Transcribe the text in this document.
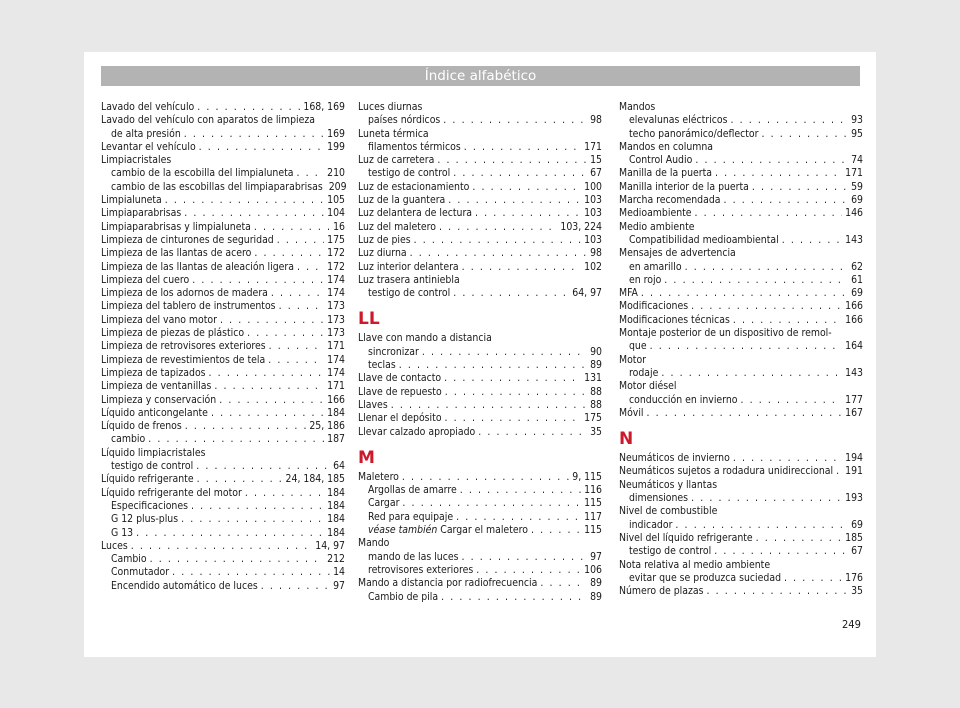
Índice alfabético
Lavado del vehículo . . .	168, 169
Lavado del vehículo con aparatos de limpieza
de alta presión . . .	169
Levantar el vehículo . . .	199
Limpiacristales
cambio de la escobilla del limpialuneta . . .	210
cambio de las escobillas del limpiaparabrisas 209
Limpialuneta . . .	105
Limpiaparabrisas . . .	104
Limpiaparabrisas y limpialuneta . . .	16
Limpieza de cinturones de seguridad . . .	175
Limpieza de las llantas de acero . . .	172
Limpieza de las llantas de aleación ligera . . .	172
Limpieza del cuero . . .	174
Limpieza de los adornos de madera . . .	174
Limpieza del tablero de instrumentos . . .	173
Limpieza del vano motor . . .	173
Limpieza de piezas de plástico . . .	173
Limpieza de retrovisores exteriores . . .	171
Limpieza de revestimientos de tela . . .	174
Limpieza de tapizados . . .	174
Limpieza de ventanillas . . .	171
Limpieza y conservación . . .	166
Líquido anticongelante . . .	184
Líquido de frenos . . .	25, 186
cambio . . .	187
Líquido limpiacristales
testigo de control . . .	64
Líquido refrigerante . . .	24, 184, 185
Líquido refrigerante del motor . . .	184
Especificaciones . . .	184
G 12 plus-plus . . .	184
G 13 . . .	184
Luces . . .	14, 97
Cambio . . .	212
Conmutador . . .	14
Encendido automático de luces . . .	97
Luces diurnas
países nórdicos . . .	98
Luneta térmica
filamentos térmicos . . .	171
Luz de carretera . . .	15
testigo de control . . .	67
Luz de estacionamiento . . .	100
Luz de la guantera . . .	103
Luz delantera de lectura . . .	103
Luz del maletero . . .	103, 224
Luz de pies . . .	103
Luz diurna . . .	98
Luz interior delantera . . .	102
Luz trasera antiniebla
testigo de control . . .	64, 97
LL
Llave con mando a distancia
sincronizar . . .	90
teclas . . .	89
Llave de contacto . . .	131
Llave de repuesto . . .	88
Llaves . . .	88
Llenar el depósito . . .	175
Llevar calzado apropiado . . .	35
M
Maletero . . .	9, 115
Argollas de amarre . . .	116
Cargar . . .	115
Red para equipaje . . .	117
véase también Cargar el maletero . . .	115
Mando
mando de las luces . . .	97
retrovisores exteriores . . .	106
Mando a distancia por radiofrecuencia . . .	89
Cambio de pila . . .	89
Mandos
elevalunas eléctricos . . .	93
techo panorámico/deflector . . .	95
Mandos en columna
Control Audio . . .	74
Manilla de la puerta . . .	171
Manilla interior de la puerta . . .	59
Marcha recomendada . . .	69
Medioambiente . . .	146
Medio ambiente
Compatibilidad medioambiental . . .	143
Mensajes de advertencia
en amarillo . . .	62
en rojo . . .	61
MFA . . .	69
Modificaciones . . .	166
Modificaciones técnicas . . .	166
Montaje posterior de un dispositivo de remol-
que . . .	164
Motor
rodaje . . .	143
Motor diésel
conducción en invierno . . .	177
Móvil . . .	167
N
Neumáticos de invierno . . .	194
Neumáticos sujetos a rodadura unidireccional . . . 191
Neumáticos y llantas
dimensiones . . .	193
Nivel de combustible
indicador . . .	69
Nivel del líquido refrigerante . . .	185
testigo de control . . .	67
Nota relativa al medio ambiente
evitar que se produzca suciedad . . .	176
Número de plazas . . .	35
249
